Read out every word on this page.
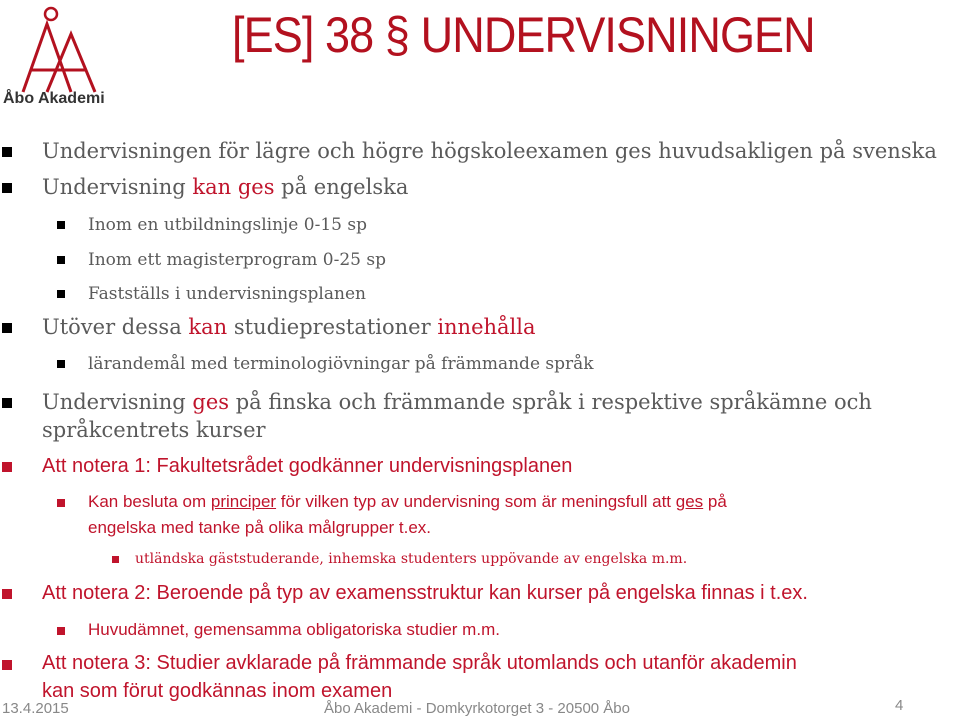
Åbo Akademi
[ES] 38 § UNDERVISNINGEN
Undervisningen för lägre och högre högskoleexamen ges huvudsakligen på svenska
Undervisning kan ges på engelska
Inom en utbildningslinje 0-15 sp
Inom ett magisterprogram 0-25 sp
Fastställs i undervisningsplanen
Utöver dessa kan studieprestationer innehålla
lärandemål med terminologiövningar på främmande språk
Undervisning ges på finska och främmande språk i respektive språkämne och
språkcentrets kurser
Att notera 1: Fakultetsrådet godkänner undervisningsplanen
Kan besluta om principer för vilken typ av undervisning som är meningsfull att ges på
engelska med tanke på olika målgrupper t.ex.
utländska gäststuderande, inhemska studenters uppövande av engelska m.m.
Att notera 2: Beroende på typ av examensstruktur kan kurser på engelska finnas i t.ex.
Huvudämnet, gemensamma obligatoriska studier m.m.
Att notera 3: Studier avklarade på främmande språk utomlands och utanför akademin
kan som förut godkännas inom examen
13.4.2015	Åbo Akademi - Domkyrkotorget 3 - 20500 Åbo	4
